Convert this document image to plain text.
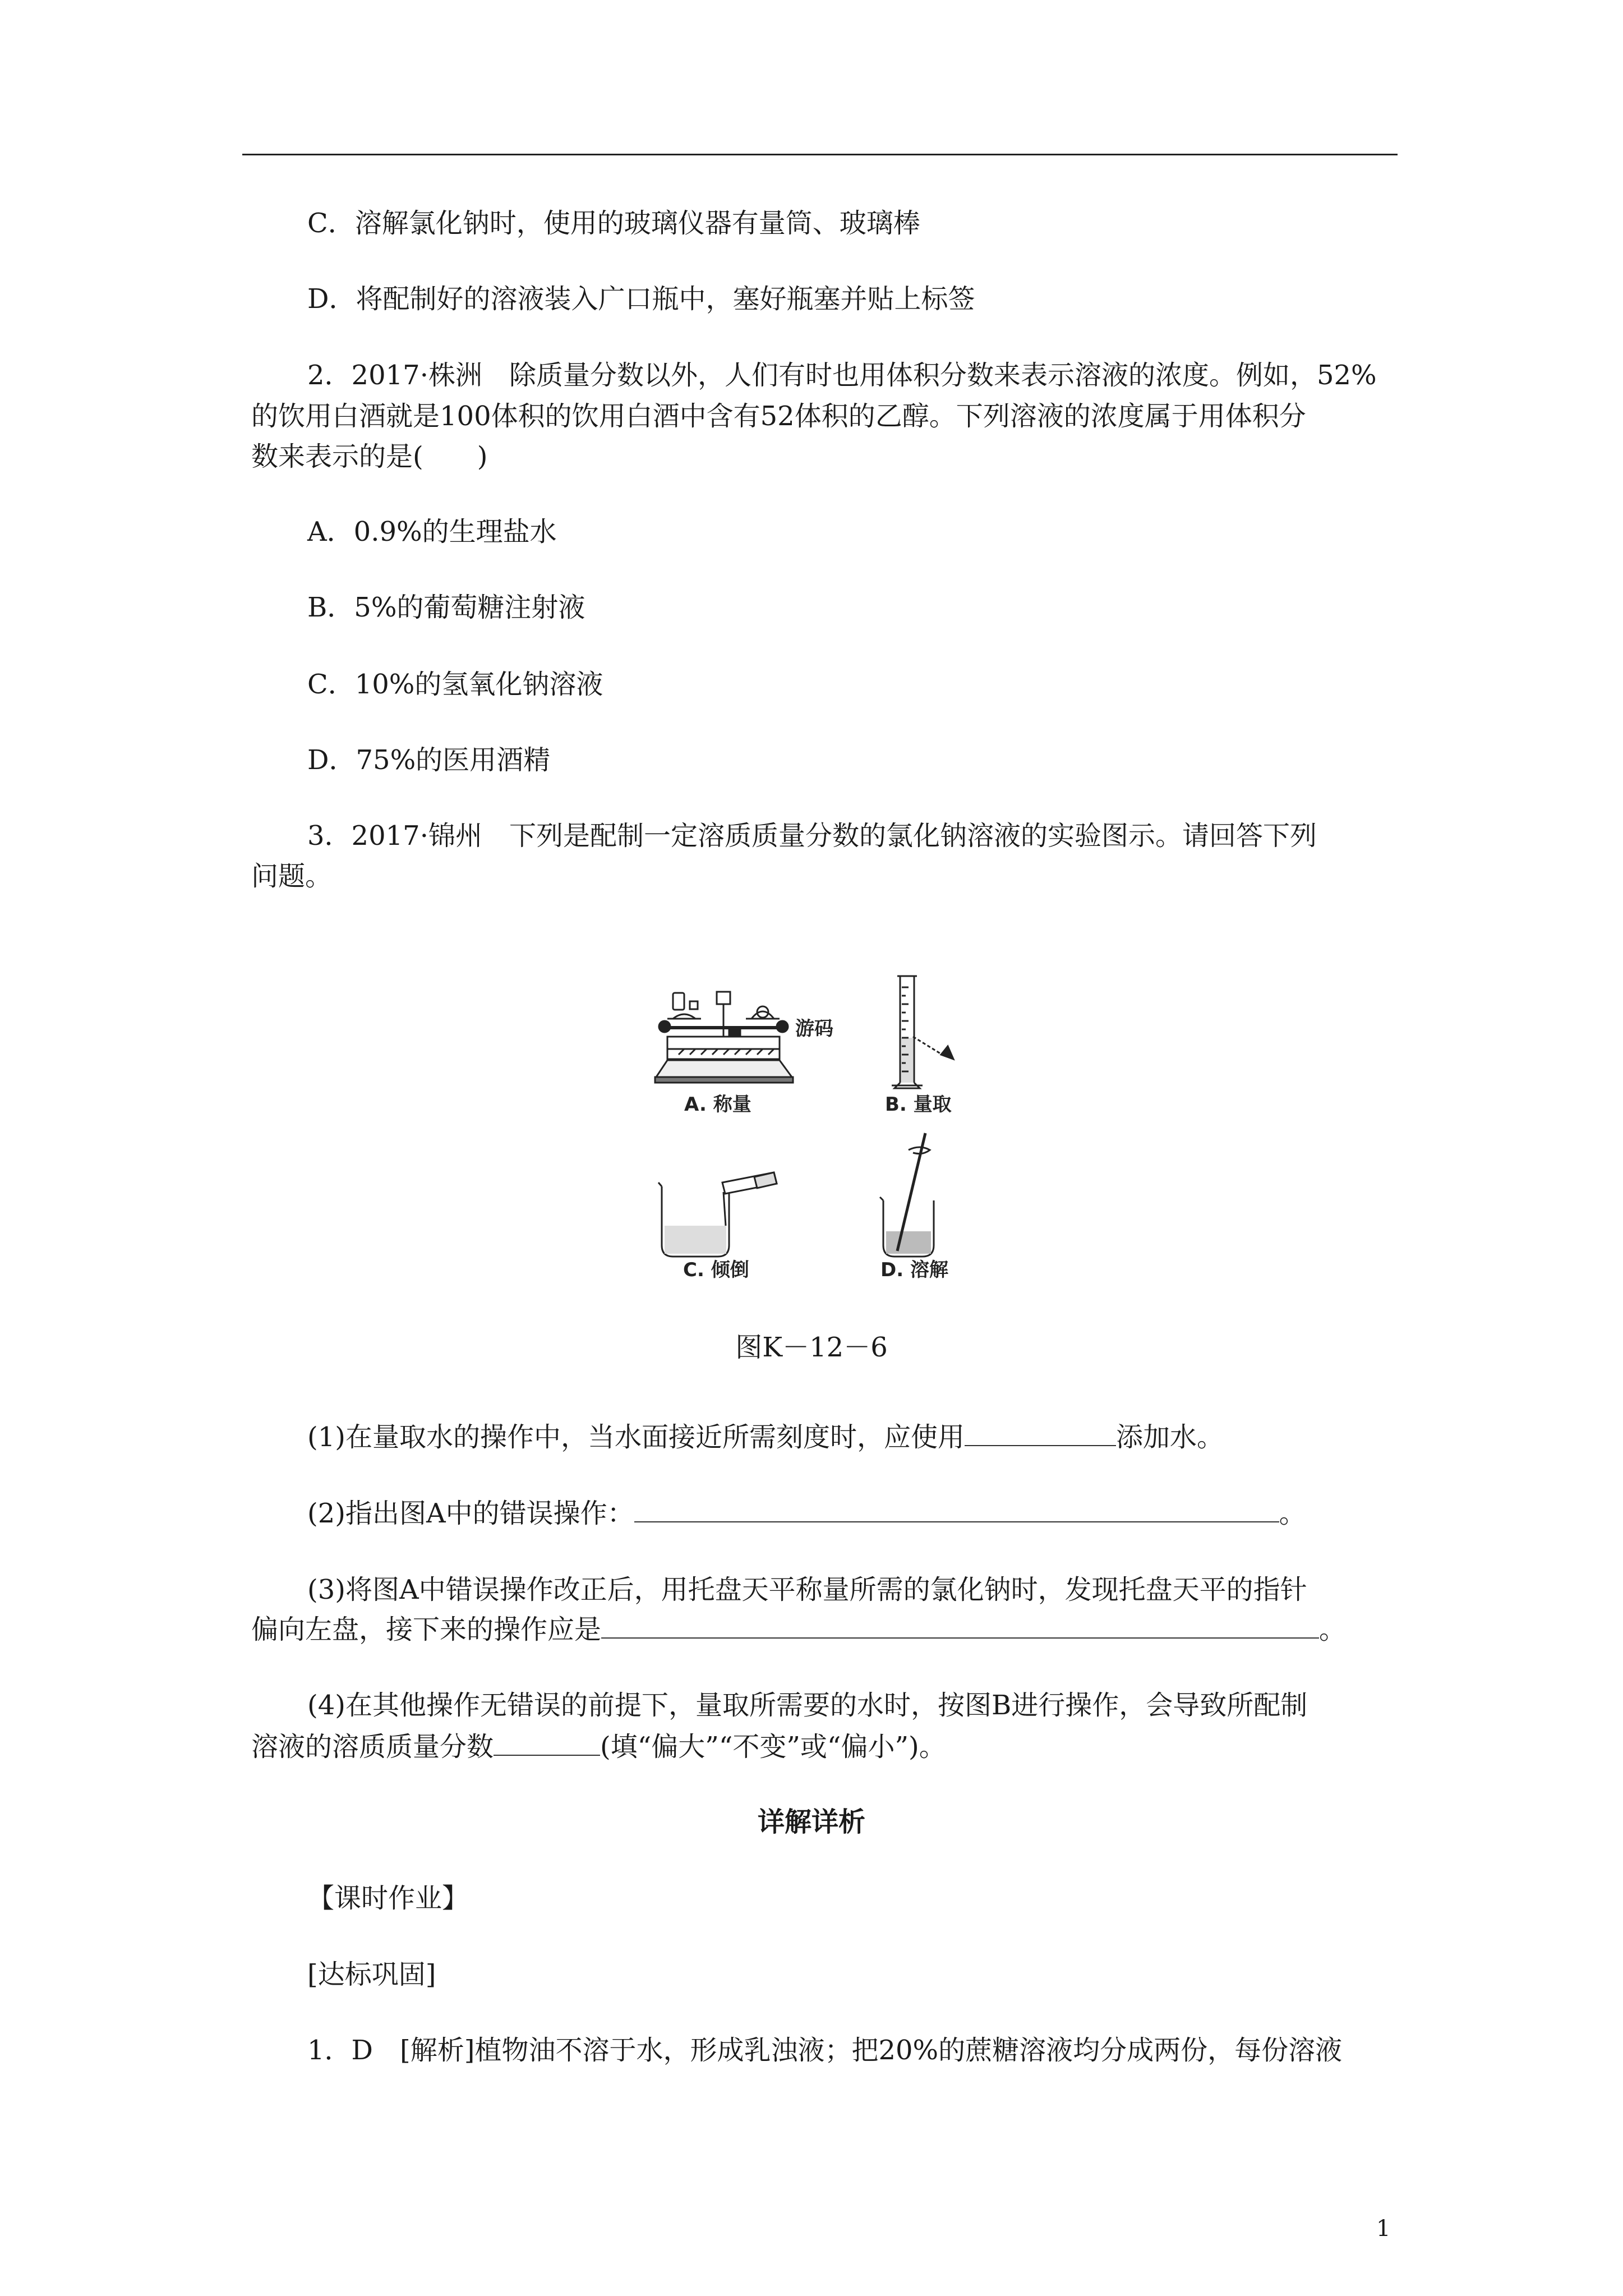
C．溶解氯化钠时，使用的玻璃仪器有量筒、玻璃棒
D．将配制好的溶液装入广口瓶中，塞好瓶塞并贴上标签
2．2017·株洲　除质量分数以外，人们有时也用体积分数来表示溶液的浓度。例如，52%
的饮用白酒就是100体积的饮用白酒中含有52体积的乙醇。下列溶液的浓度属于用体积分
数来表示的是(　　)
A．0.9%的生理盐水
B．5%的葡萄糖注射液
C．10%的氢氧化钠溶液
D．75%的医用酒精
3．2017·锦州　下列是配制一定溶质质量分数的氯化钠溶液的实验图示。请回答下列
问题。
游码
A. 称量	B. 量取
C. 倾倒	D. 溶解
图K－12－6
(1)在量取水的操作中，当水面接近所需刻度时，应使用	添加水。
(2)指出图A中的错误操作：	。
(3)将图A中错误操作改正后，用托盘天平称量所需的氯化钠时，发现托盘天平的指针
偏向左盘，接下来的操作应是	。
(4)在其他操作无错误的前提下，量取所需要的水时，按图B进行操作，会导致所配制
溶液的溶质质量分数	(填“偏大”“不变”或“偏小”)。
详解详析
【课时作业】
[达标巩固]
1．D　[解析]植物油不溶于水，形成乳浊液；把20%的蔗糖溶液均分成两份，每份溶液
1
